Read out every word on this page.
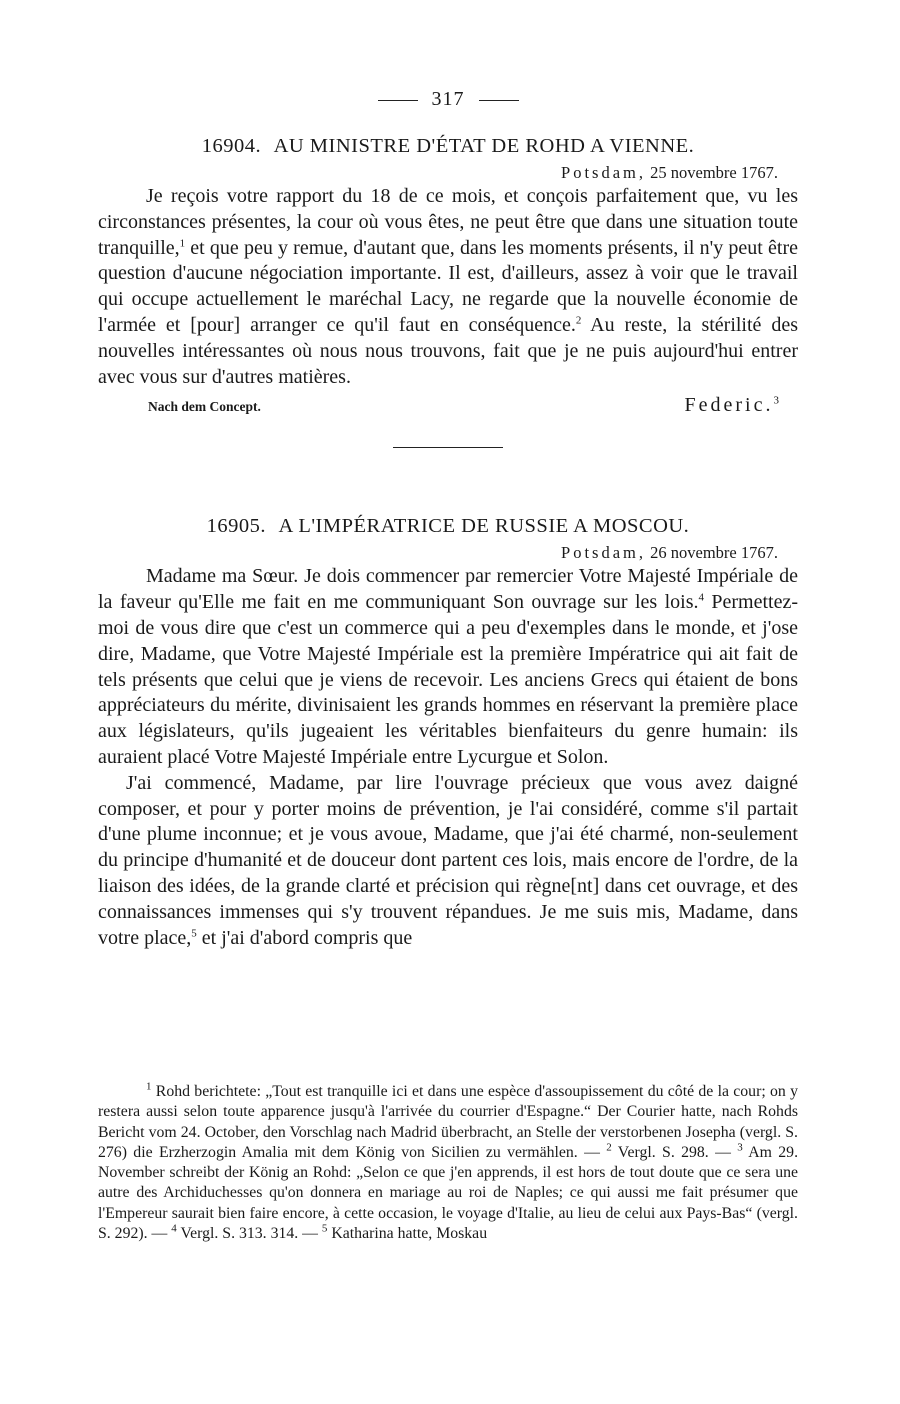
317
16904. AU MINISTRE D'ÉTAT DE ROHD A VIENNE.
Potsdam, 25 novembre 1767.

Je reçois votre rapport du 18 de ce mois, et conçois parfaitement que, vu les circonstances présentes, la cour où vous êtes, ne peut être que dans une situation toute tranquille,$^1$ et que peu y remue, d'autant que, dans les moments présents, il n'y peut être question d'aucune négociation importante. Il est, d'ailleurs, assez à voir que le travail qui occupe actuellement le maréchal Lacy, ne regarde que la nouvelle économie de l'armée et [pour] arranger ce qu'il faut en conséquence.$^2$ Au reste, la stérilité des nouvelles intéressantes où nous nous trouvons, fait que je ne puis aujourd'hui entrer avec vous sur d'autres matières.

Nach dem Concept.	Federic.$^3$
16905. A L'IMPÉRATRICE DE RUSSIE A MOSCOU.
Potsdam, 26 novembre 1767.

Madame ma Sœur. Je dois commencer par remercier Votre Majesté Impériale de la faveur qu'Elle me fait en me communiquant Son ouvrage sur les lois.$^4$ Permettez-moi de vous dire que c'est un commerce qui a peu d'exemples dans le monde, et j'ose dire, Madame, que Votre Majesté Impériale est la première Impératrice qui ait fait de tels présents que celui que je viens de recevoir. Les anciens Grecs qui étaient de bons appréciateurs du mérite, divinisaient les grands hommes en réservant la première place aux législateurs, qu'ils jugeaient les véritables bienfaiteurs du genre humain: ils auraient placé Votre Majesté Impériale entre Lycurgue et Solon.

J'ai commencé, Madame, par lire l'ouvrage précieux que vous avez daigné composer, et pour y porter moins de prévention, je l'ai considéré, comme s'il partait d'une plume inconnue; et je vous avoue, Madame, que j'ai été charmé, non-seulement du principe d'humanité et de douceur dont partent ces lois, mais encore de l'ordre, de la liaison des idées, de la grande clarté et précision qui règne[nt] dans cet ouvrage, et des connaissances immenses qui s'y trouvent répandues. Je me suis mis, Madame, dans votre place,$^5$ et j'ai d'abord compris que

$^1$ Rohd berichtete: „Tout est tranquille ici et dans une espèce d'assoupissement du côté de la cour; on y restera aussi selon toute apparence jusqu'à l'arrivée du courrier d'Espagne.“ Der Courier hatte, nach Rohds Bericht vom 24. October, den Vorschlag nach Madrid überbracht, an Stelle der verstorbenen Josepha (vergl. S. 276) die Erzherzogin Amalia mit dem König von Sicilien zu vermählen. — $^2$ Vergl. S. 298. — $^3$ Am 29. November schreibt der König an Rohd: „Selon ce que j'en apprends, il est hors de tout doute que ce sera une autre des Archiduchesses qu'on donnera en mariage au roi de Naples; ce qui aussi me fait présumer que l'Empereur saurait bien faire encore, à cette occasion, le voyage d'Italie, au lieu de celui aux Pays-Bas“ (vergl. S. 292). — $^4$ Vergl. S. 313. 314. — $^5$ Katharina hatte, Moskau
